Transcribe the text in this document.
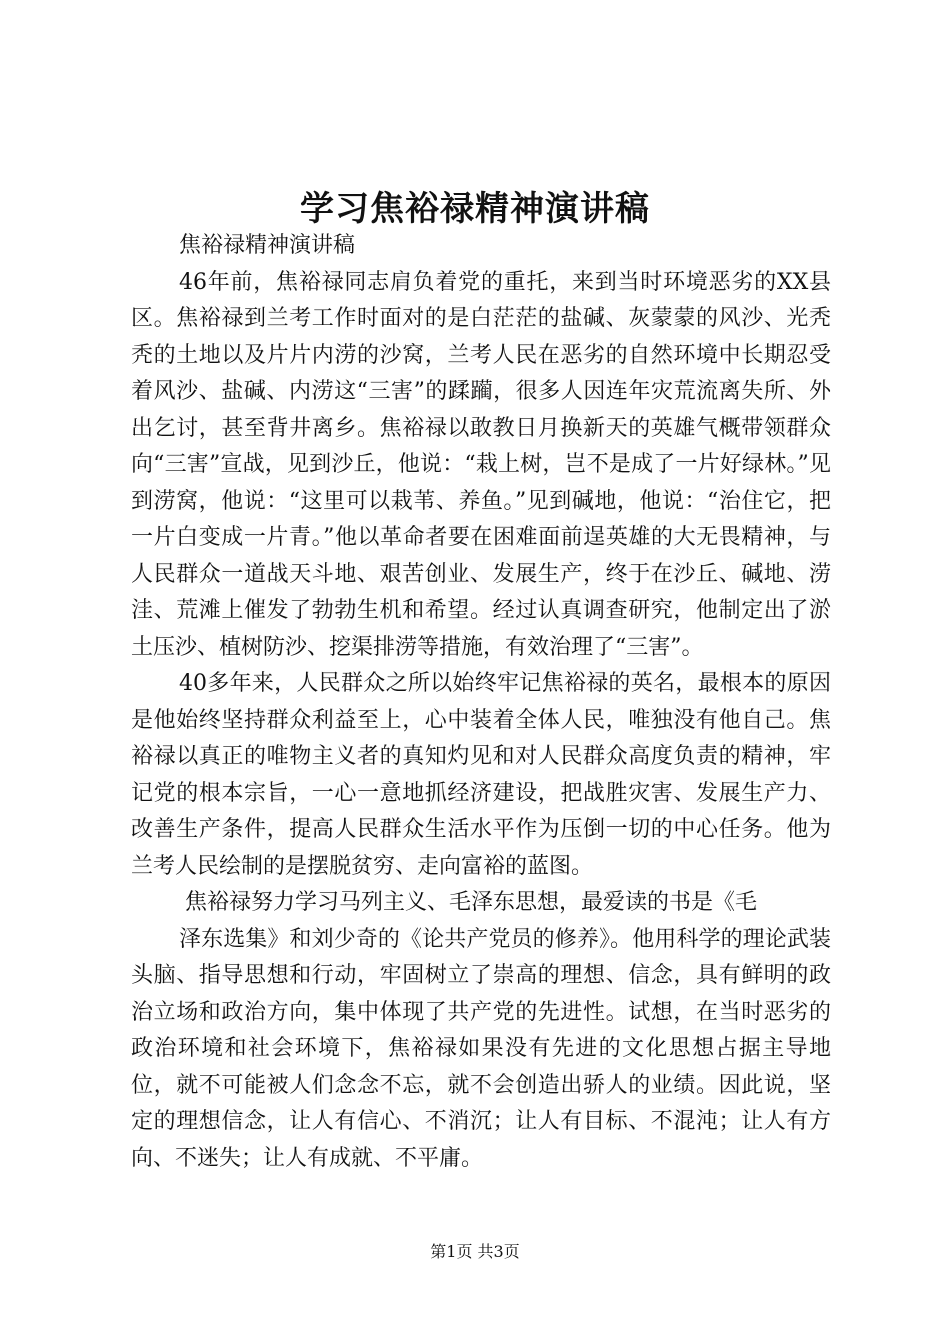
学习焦裕禄精神演讲稿

焦裕禄精神演讲稿

46年前，焦裕禄同志肩负着党的重托，来到当时环境恶劣的XX县区。焦裕禄到兰考工作时面对的是白茫茫的盐碱、灰蒙蒙的风沙、光秃秃的土地以及片片内涝的沙窝，兰考人民在恶劣的自然环境中长期忍受着风沙、盐碱、内涝这“三害”的蹂躏，很多人因连年灾荒流离失所、外出乞讨，甚至背井离乡。焦裕禄以敢教日月换新天的英雄气概带领群众向“三害”宣战，见到沙丘，他说：“栽上树，岂不是成了一片好绿林。”见到涝窝，他说：“这里可以栽苇、养鱼。”见到碱地，他说：“治住它，把一片白变成一片青。”他以革命者要在困难面前逞英雄的大无畏精神，与人民群众一道战天斗地、艰苦创业、发展生产，终于在沙丘、碱地、涝洼、荒滩上催发了勃勃生机和希望。经过认真调查研究，他制定出了淤土压沙、植树防沙、挖渠排涝等措施，有效治理了“三害”。

40多年来，人民群众之所以始终牢记焦裕禄的英名，最根本的原因是他始终坚持群众利益至上，心中装着全体人民，唯独没有他自己。焦裕禄以真正的唯物主义者的真知灼见和对人民群众高度负责的精神，牢记党的根本宗旨，一心一意地抓经济建设，把战胜灾害、发展生产力、改善生产条件，提高人民群众生活水平作为压倒一切的中心任务。他为兰考人民绘制的是摆脱贫穷、走向富裕的蓝图。

焦裕禄努力学习马列主义、毛泽东思想，最爱读的书是《毛

泽东选集》和刘少奇的《论共产党员的修养》。他用科学的理论武装头脑、指导思想和行动，牢固树立了崇高的理想、信念，具有鲜明的政治立场和政治方向，集中体现了共产党的先进性。试想，在当时恶劣的政治环境和社会环境下，焦裕禄如果没有先进的文化思想占据主导地位，就不可能被人们念念不忘，就不会创造出骄人的业绩。因此说，坚定的理想信念，让人有信心、不消沉；让人有目标、不混沌；让人有方向、不迷失；让人有成就、不平庸。

第1页 共3页
